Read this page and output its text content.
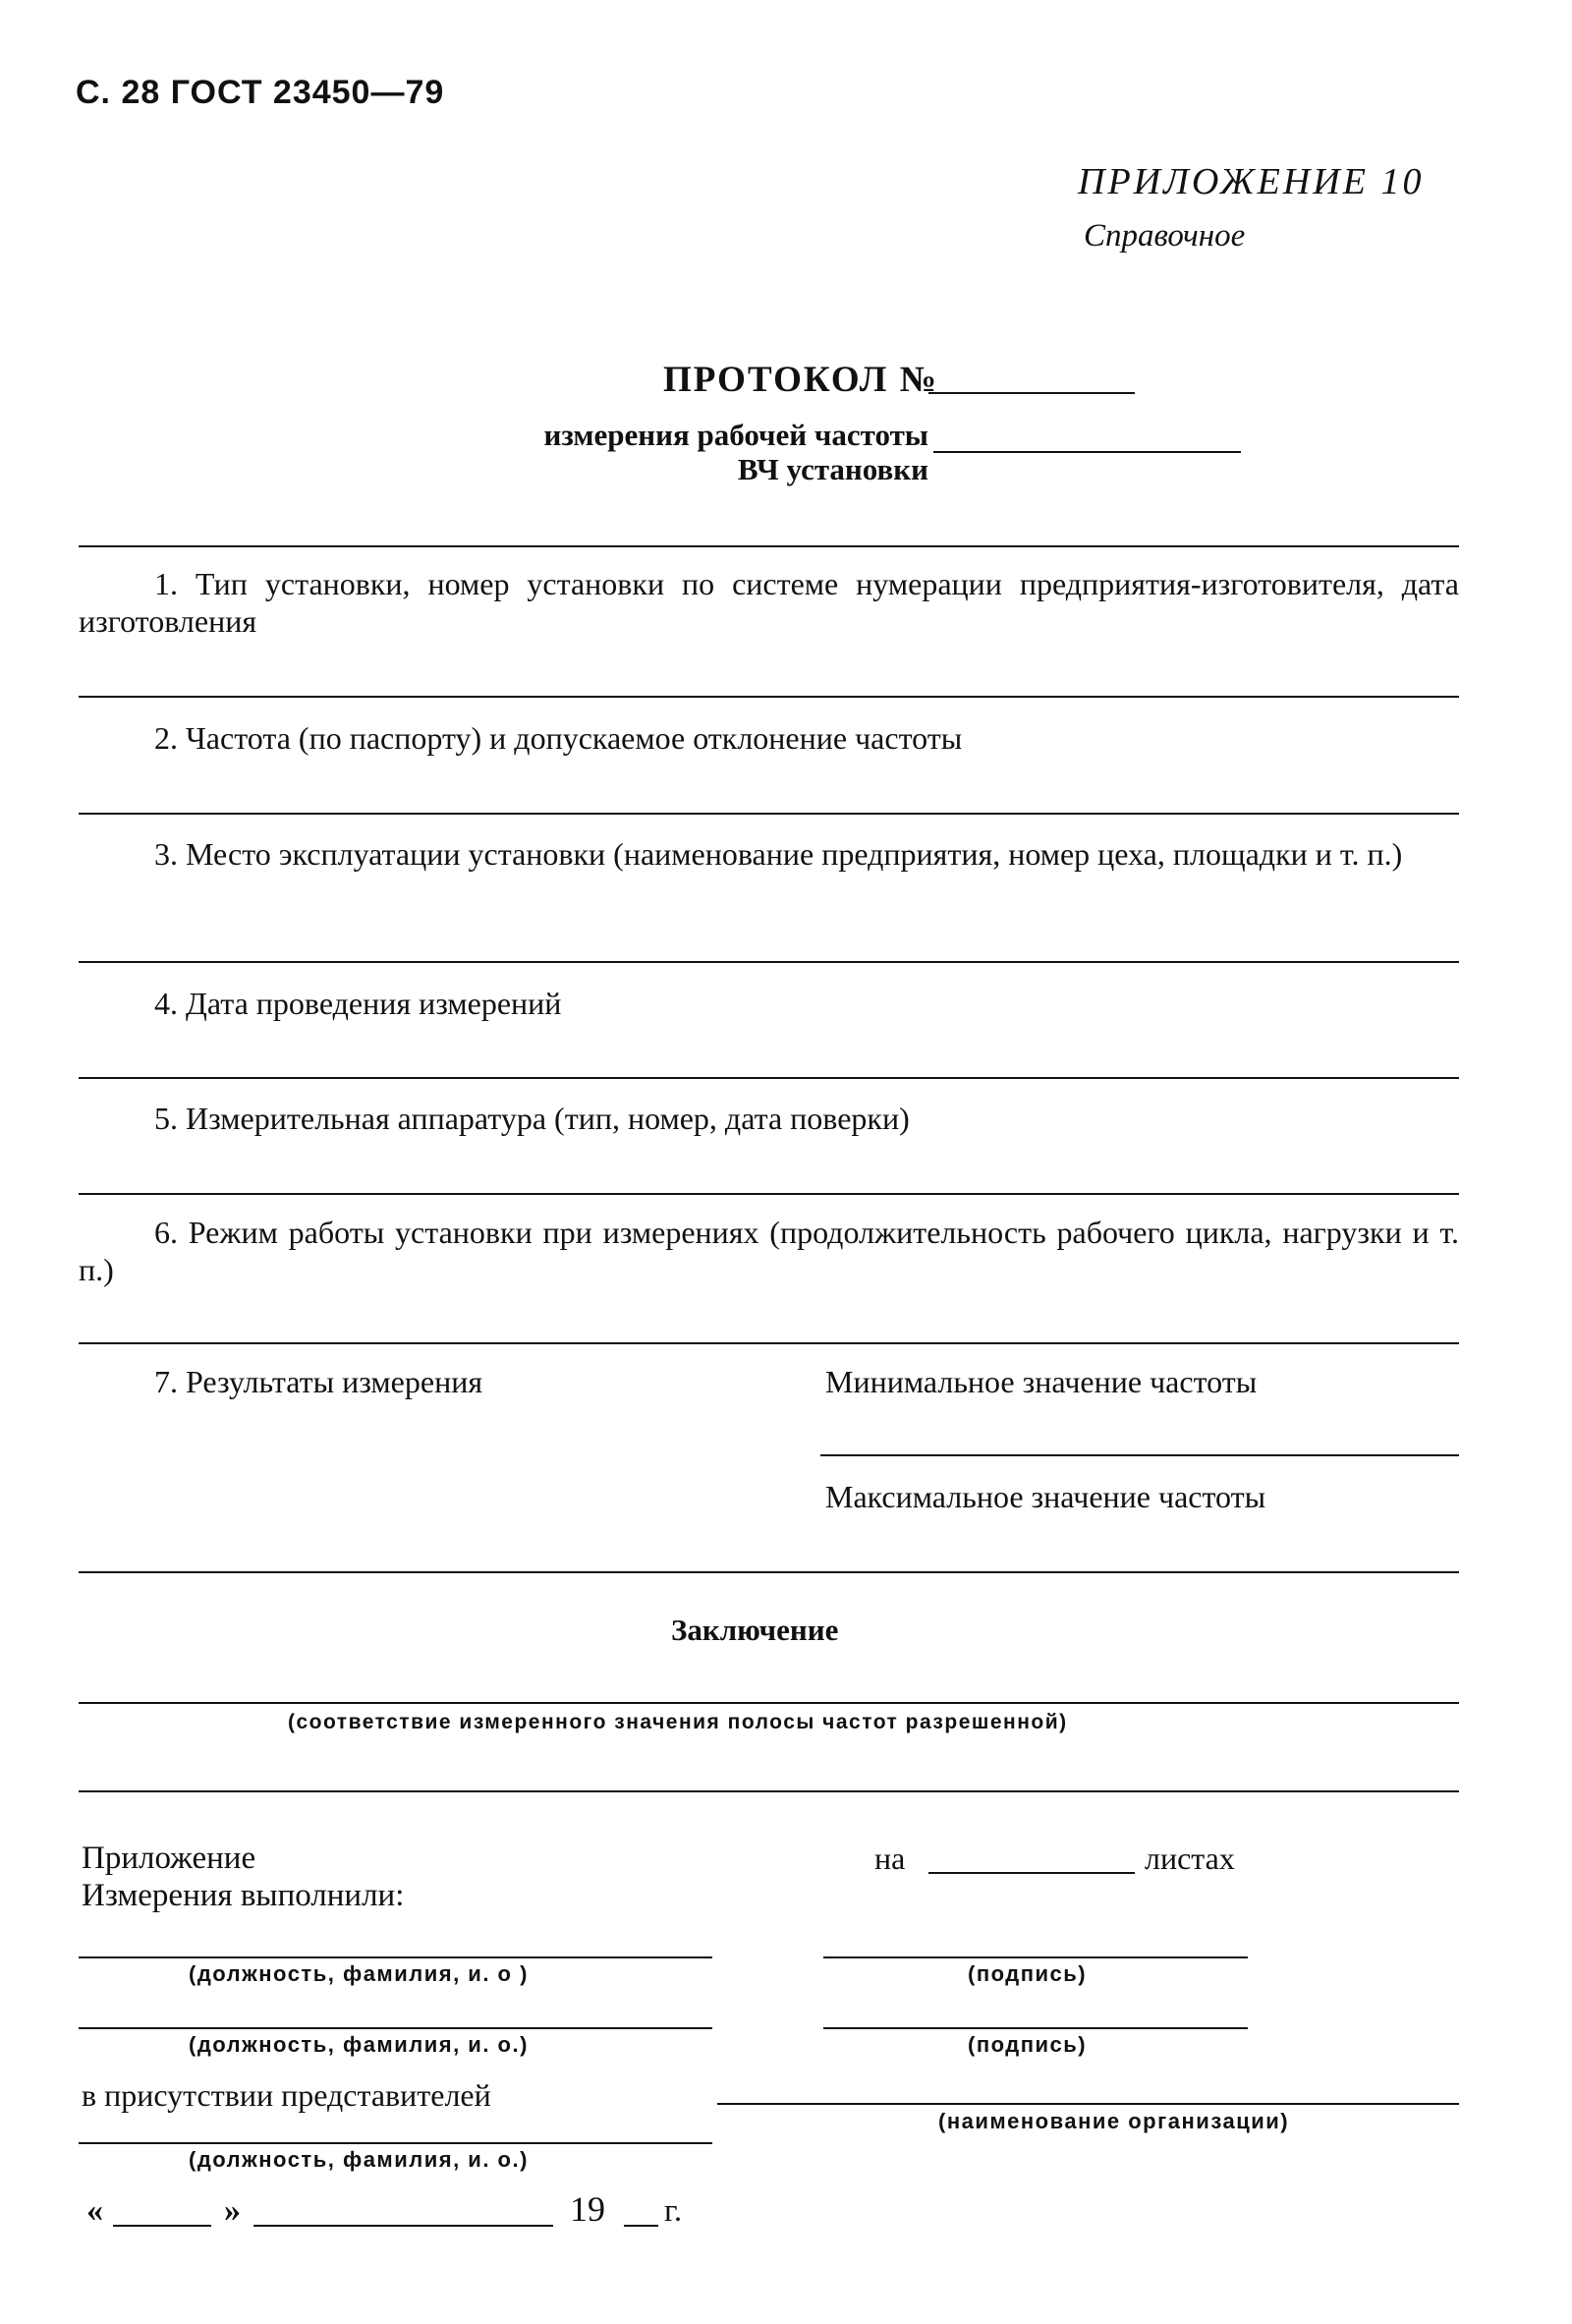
С. 28 ГОСТ 23450—79
ПРИЛОЖЕНИЕ 10
Справочное
ПРОТОКОЛ №
измерения рабочей частоты
ВЧ установки
1. Тип установки, номер установки по системе нумерации предприятия-изготовителя, дата изготовления
2. Частота (по паспорту) и допускаемое отклонение частоты
3. Место эксплуатации установки (наименование предприятия, номер цеха, площадки и т. п.)
4. Дата проведения измерений
5. Измерительная аппаратура (тип, номер, дата поверки)
6. Режим работы установки при измерениях (продолжительность рабочего цикла, нагрузки и т. п.)
7. Результаты измерения	Минимальное значение частоты
Максимальное значение частоты
Заключение
(соответствие измеренного значения полосы частот разрешенной)
Приложение	на	листах
Измерения выполнили:
(должность, фамилия, и. о )	(подпись)
(должность, фамилия, и. о.)	(подпись)
в присутствии представителей
(наименование организации)
(должность, фамилия, и. о.)
«	»	19 г.
